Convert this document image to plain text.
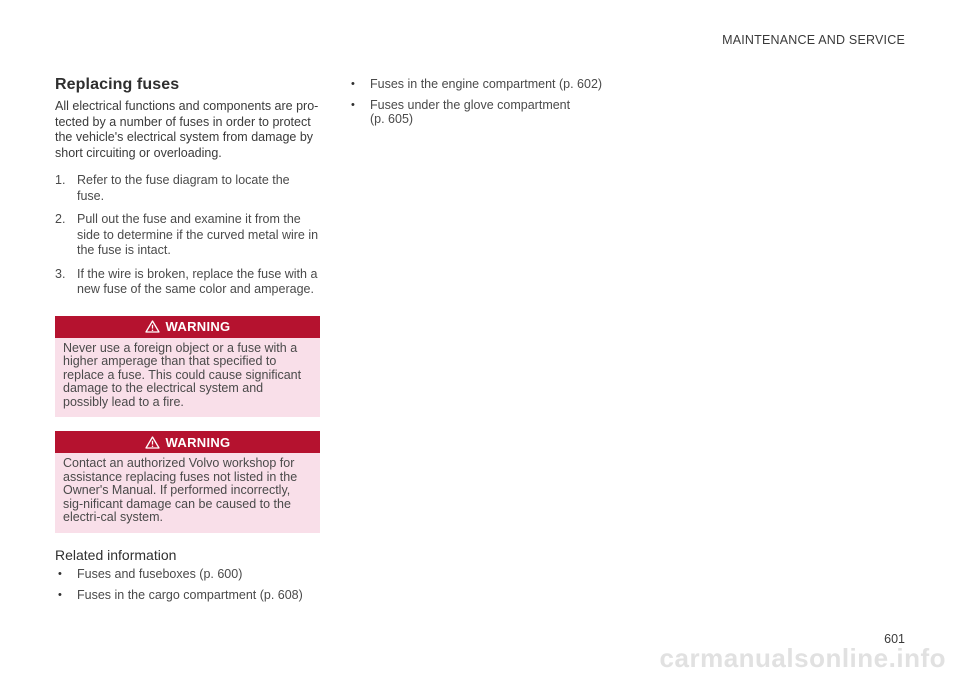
MAINTENANCE AND SERVICE
Replacing fuses

All electrical functions and components are pro-tected by a number of fuses in order to protect the vehicle's electrical system from damage by short circuiting or overloading.

1. Refer to the fuse diagram to locate the fuse.
2. Pull out the fuse and examine it from the side to determine if the curved metal wire in the fuse is intact.
3. If the wire is broken, replace the fuse with a new fuse of the same color and amperage.
WARNING
Never use a foreign object or a fuse with a higher amperage than that specified to replace a fuse. This could cause significant damage to the electrical system and possibly lead to a fire.
WARNING
Contact an authorized Volvo workshop for assistance replacing fuses not listed in the Owner's Manual. If performed incorrectly, sig-nificant damage can be caused to the electri-cal system.
Related information
• Fuses and fuseboxes (p. 600)
• Fuses in the cargo compartment (p. 608)
• Fuses in the engine compartment (p. 602)
• Fuses under the glove compartment (p. 605)
601
carmanualsonline.info
